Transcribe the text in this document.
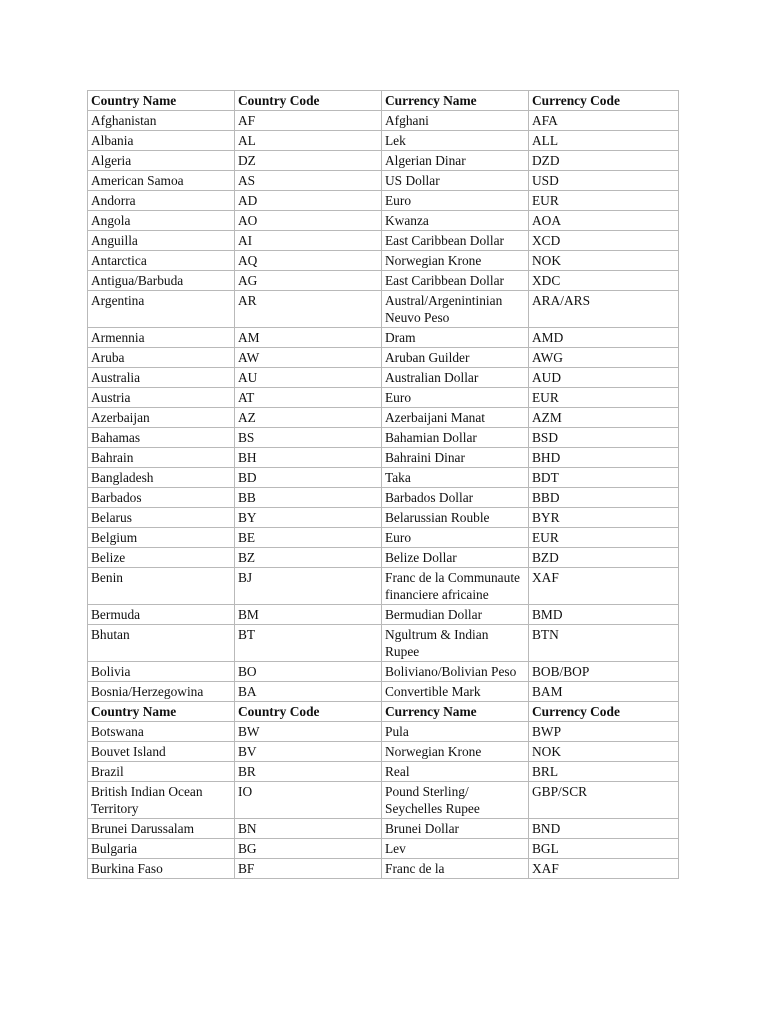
Country Name	Country Code	Currency Name	Currency Code
Afghanistan	AF	Afghani	AFA
Albania	AL	Lek	ALL
Algeria	DZ	Algerian Dinar	DZD
American Samoa	AS	US Dollar	USD
Andorra	AD	Euro	EUR
Angola	AO	Kwanza	AOA
Anguilla	AI	East Caribbean Dollar	XCD
Antarctica	AQ	Norwegian Krone	NOK
Antigua/Barbuda	AG	East Caribbean Dollar	XDC
Argentina	AR	Austral/Argenintinian Neuvo Peso	ARA/ARS
Armennia	AM	Dram	AMD
Aruba	AW	Aruban Guilder	AWG
Australia	AU	Australian Dollar	AUD
Austria	AT	Euro	EUR
Azerbaijan	AZ	Azerbaijani Manat	AZM
Bahamas	BS	Bahamian Dollar	BSD
Bahrain	BH	Bahraini Dinar	BHD
Bangladesh	BD	Taka	BDT
Barbados	BB	Barbados Dollar	BBD
Belarus	BY	Belarussian Rouble	BYR
Belgium	BE	Euro	EUR
Belize	BZ	Belize Dollar	BZD
Benin	BJ	Franc de la Communaute financiere africaine	XAF
Bermuda	BM	Bermudian Dollar	BMD
Bhutan	BT	Ngultrum & Indian Rupee	BTN
Bolivia	BO	Boliviano/Bolivian Peso	BOB/BOP
Bosnia/Herzegowina	BA	Convertible Mark	BAM
Country Name	Country Code	Currency Name	Currency Code
Botswana	BW	Pula	BWP
Bouvet Island	BV	Norwegian Krone	NOK
Brazil	BR	Real	BRL
British Indian Ocean Territory	IO	Pound Sterling/ Seychelles Rupee	GBP/SCR
Brunei Darussalam	BN	Brunei Dollar	BND
Bulgaria	BG	Lev	BGL
Burkina Faso	BF	Franc de la	XAF
